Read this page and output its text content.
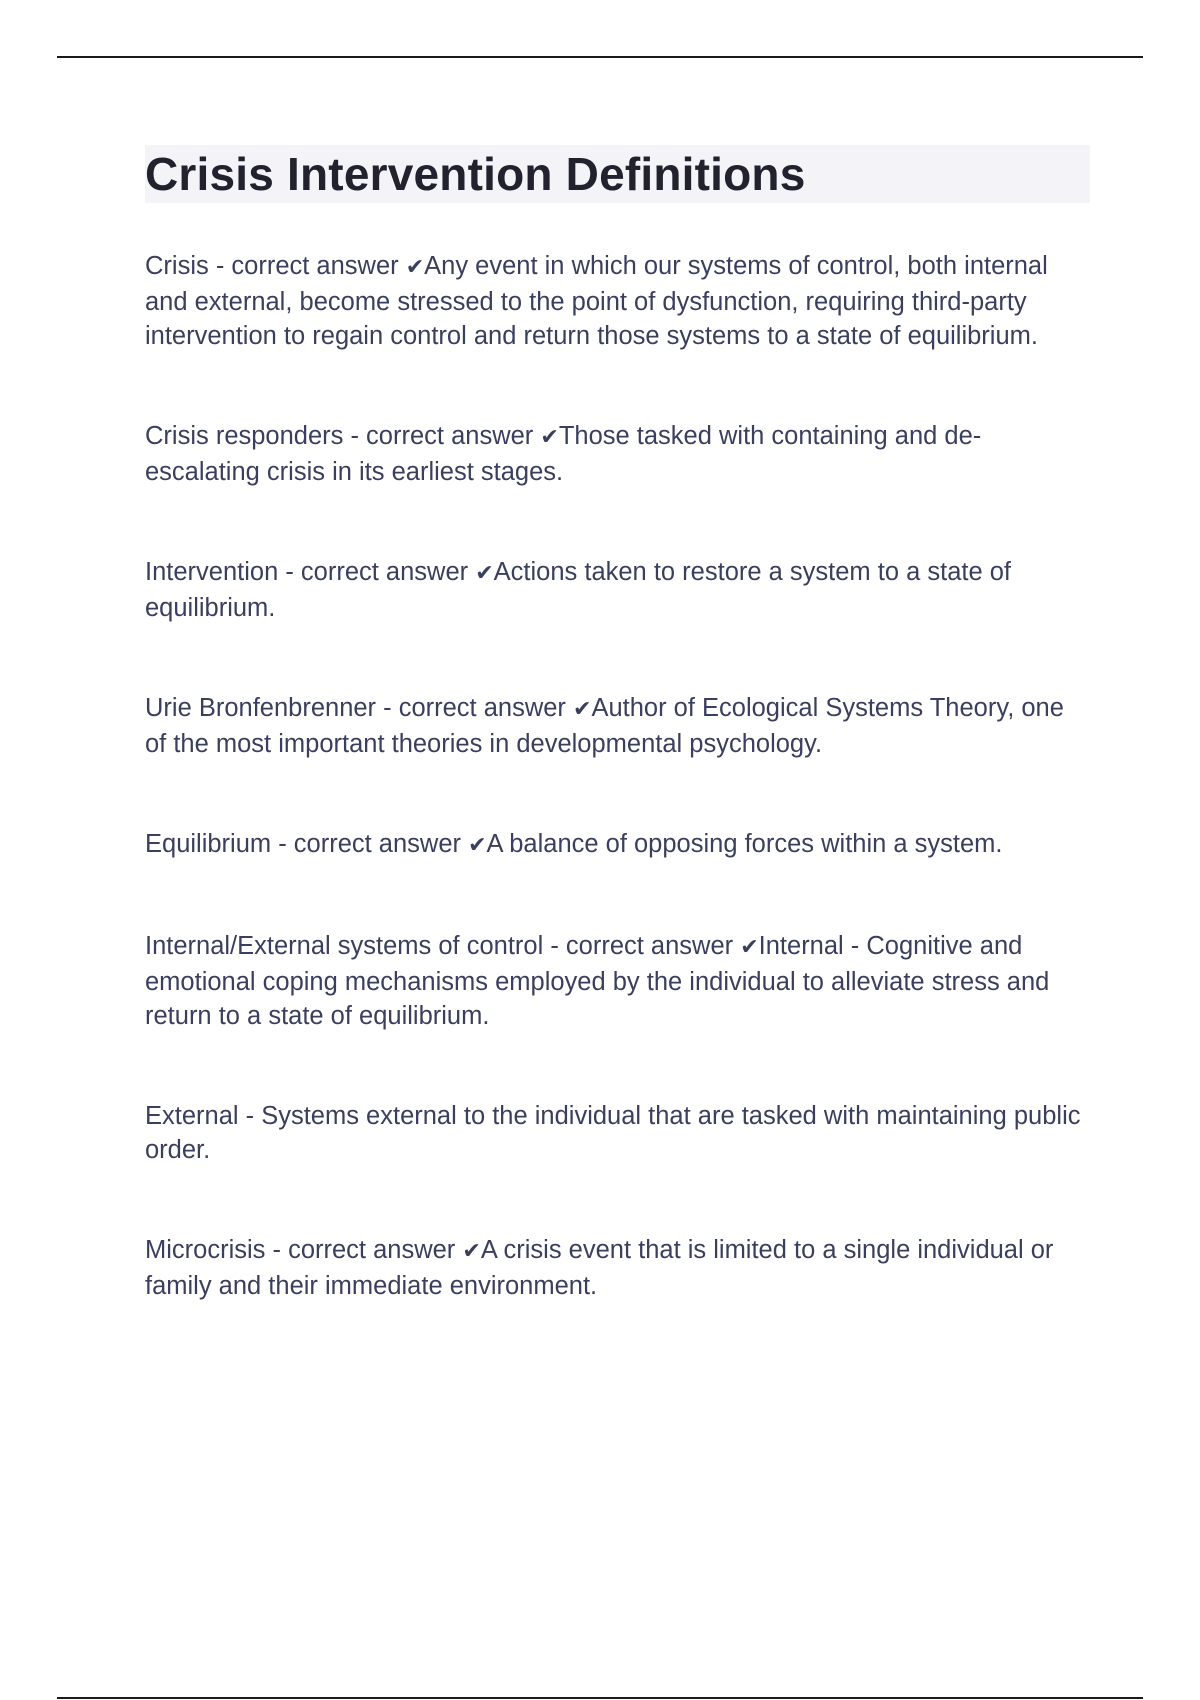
Crisis Intervention Definitions

Crisis - correct answer ✔Any event in which our systems of control, both internal and external, become stressed to the point of dysfunction, requiring third-party intervention to regain control and return those systems to a state of equilibrium.

Crisis responders - correct answer ✔Those tasked with containing and de-escalating crisis in its earliest stages.

Intervention - correct answer ✔Actions taken to restore a system to a state of equilibrium.

Urie Bronfenbrenner - correct answer ✔Author of Ecological Systems Theory, one of the most important theories in developmental psychology.

Equilibrium - correct answer ✔A balance of opposing forces within a system.

Internal/External systems of control - correct answer ✔Internal - Cognitive and emotional coping mechanisms employed by the individual to alleviate stress and return to a state of equilibrium.

External - Systems external to the individual that are tasked with maintaining public order.

Microcrisis - correct answer ✔A crisis event that is limited to a single individual or family and their immediate environment.
